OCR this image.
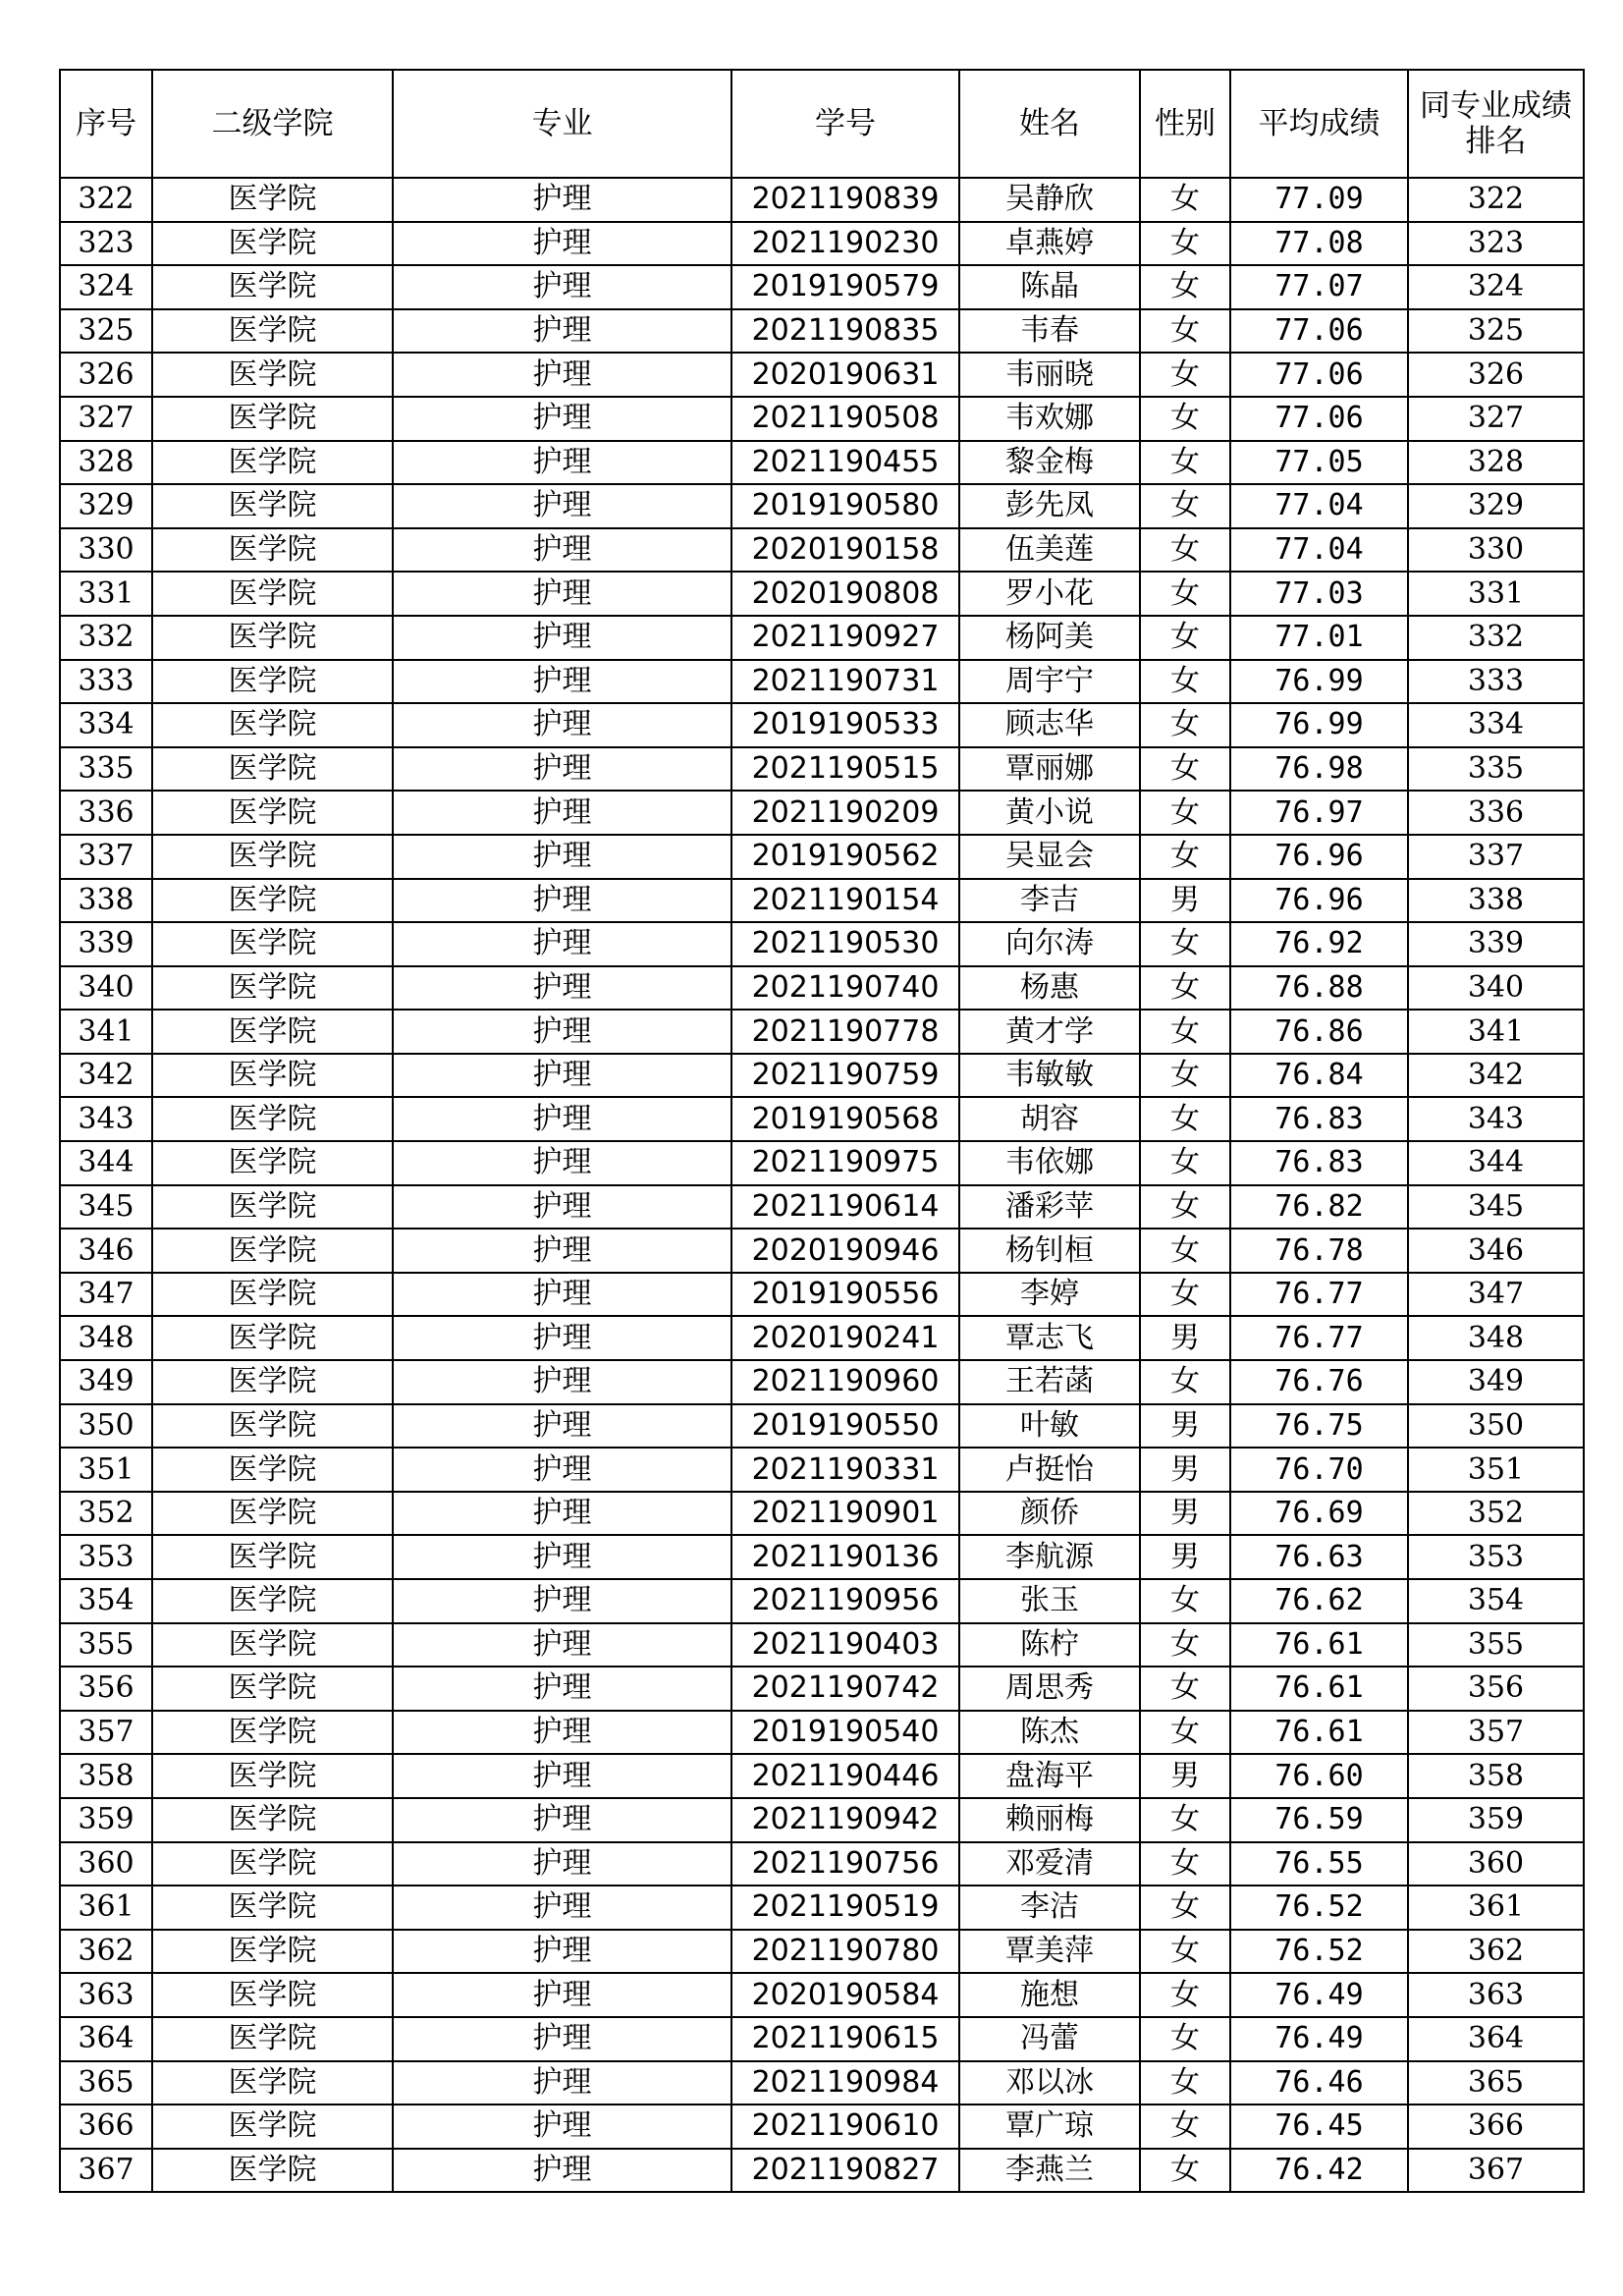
序号	二级学院	专业	学号	姓名	性别	平均成绩	同专业成绩排名
322	医学院	护理	2021190839	吴静欣	女	77.09	322
323	医学院	护理	2021190230	卓燕婷	女	77.08	323
324	医学院	护理	2019190579	陈晶	女	77.07	324
325	医学院	护理	2021190835	韦春	女	77.06	325
326	医学院	护理	2020190631	韦丽晓	女	77.06	326
327	医学院	护理	2021190508	韦欢娜	女	77.06	327
328	医学院	护理	2021190455	黎金梅	女	77.05	328
329	医学院	护理	2019190580	彭先凤	女	77.04	329
330	医学院	护理	2020190158	伍美莲	女	77.04	330
331	医学院	护理	2020190808	罗小花	女	77.03	331
332	医学院	护理	2021190927	杨阿美	女	77.01	332
333	医学院	护理	2021190731	周宇宁	女	76.99	333
334	医学院	护理	2019190533	顾志华	女	76.99	334
335	医学院	护理	2021190515	覃丽娜	女	76.98	335
336	医学院	护理	2021190209	黄小说	女	76.97	336
337	医学院	护理	2019190562	吴显会	女	76.96	337
338	医学院	护理	2021190154	李吉	男	76.96	338
339	医学院	护理	2021190530	向尔涛	女	76.92	339
340	医学院	护理	2021190740	杨惠	女	76.88	340
341	医学院	护理	2021190778	黄才学	女	76.86	341
342	医学院	护理	2021190759	韦敏敏	女	76.84	342
343	医学院	护理	2019190568	胡容	女	76.83	343
344	医学院	护理	2021190975	韦依娜	女	76.83	344
345	医学院	护理	2021190614	潘彩苹	女	76.82	345
346	医学院	护理	2020190946	杨钊桓	女	76.78	346
347	医学院	护理	2019190556	李婷	女	76.77	347
348	医学院	护理	2020190241	覃志飞	男	76.77	348
349	医学院	护理	2021190960	王若菡	女	76.76	349
350	医学院	护理	2019190550	叶敏	男	76.75	350
351	医学院	护理	2021190331	卢挺怡	男	76.70	351
352	医学院	护理	2021190901	颜侨	男	76.69	352
353	医学院	护理	2021190136	李航源	男	76.63	353
354	医学院	护理	2021190956	张玉	女	76.62	354
355	医学院	护理	2021190403	陈柠	女	76.61	355
356	医学院	护理	2021190742	周思秀	女	76.61	356
357	医学院	护理	2019190540	陈杰	女	76.61	357
358	医学院	护理	2021190446	盘海平	男	76.60	358
359	医学院	护理	2021190942	赖丽梅	女	76.59	359
360	医学院	护理	2021190756	邓爱清	女	76.55	360
361	医学院	护理	2021190519	李洁	女	76.52	361
362	医学院	护理	2021190780	覃美萍	女	76.52	362
363	医学院	护理	2020190584	施想	女	76.49	363
364	医学院	护理	2021190615	冯蕾	女	76.49	364
365	医学院	护理	2021190984	邓以冰	女	76.46	365
366	医学院	护理	2021190610	覃广琼	女	76.45	366
367	医学院	护理	2021190827	李燕兰	女	76.42	367
